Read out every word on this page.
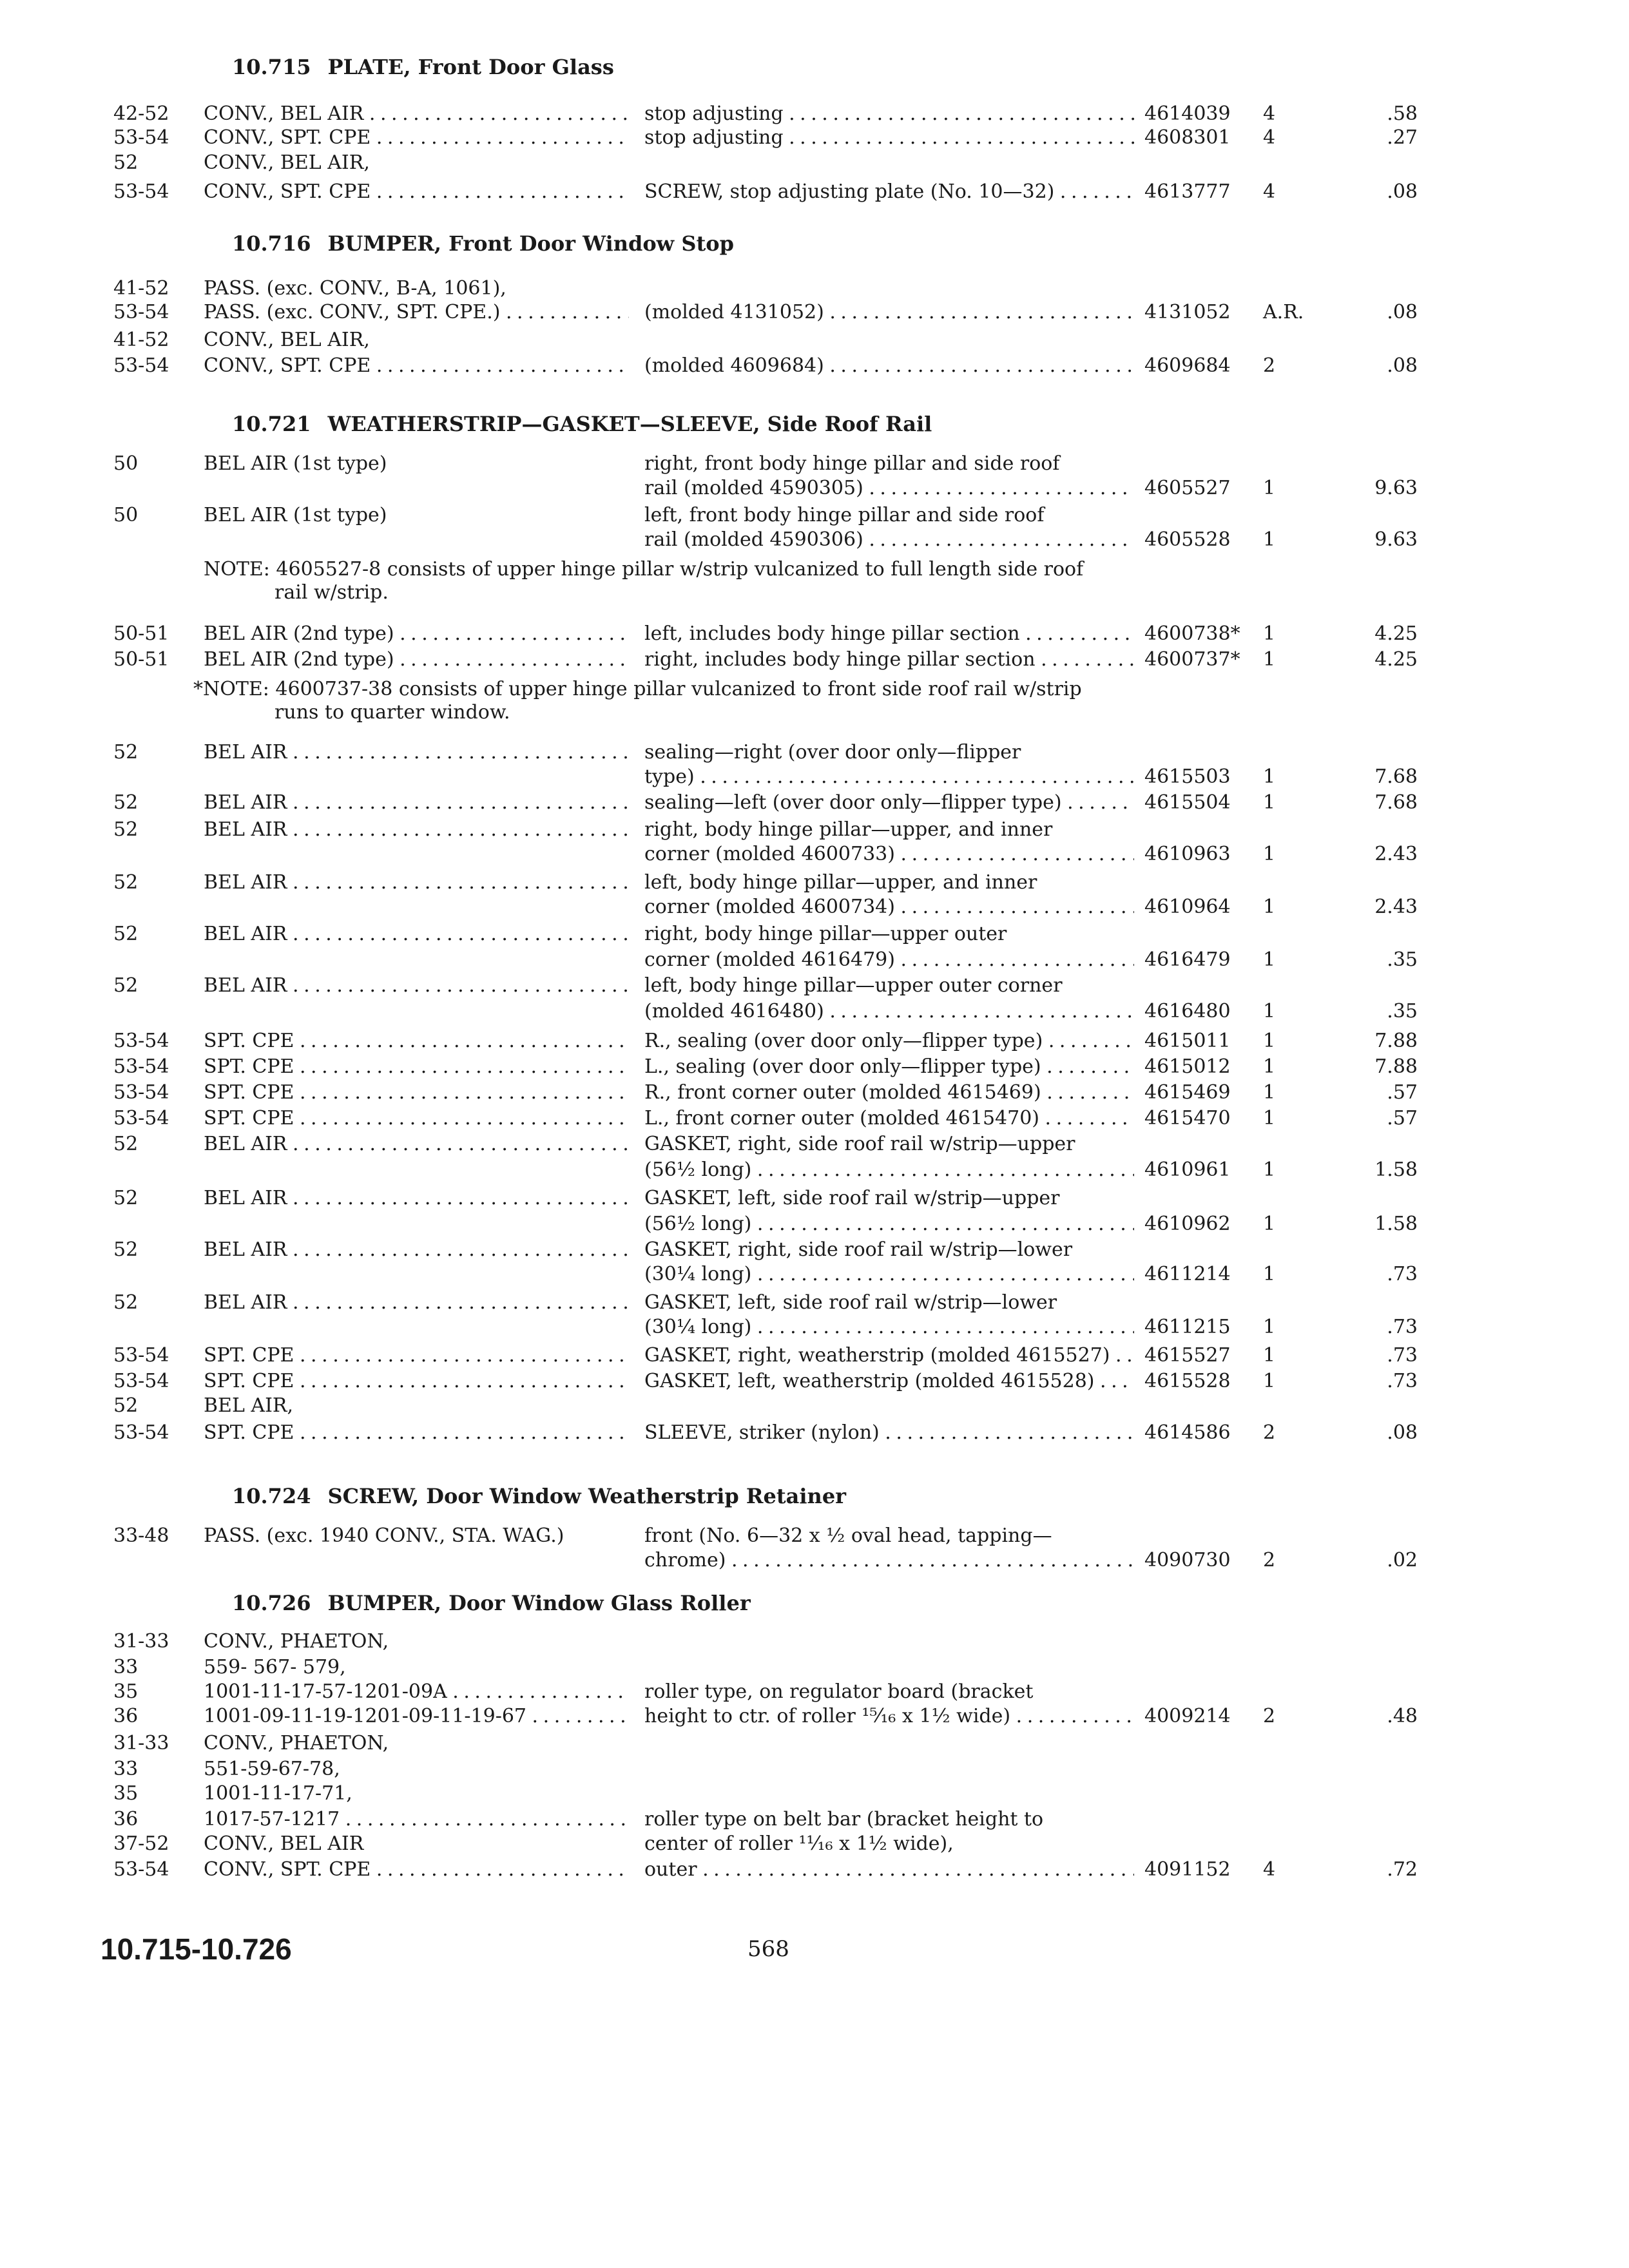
10.715-10.726	568
10.715 PLATE, Front Door Glass
42-52	CONV., BEL AIR . . .	stop adjusting . . .	4614039	4	.58
53-54	CONV., SPT. CPE . . .	stop adjusting . . .	4608301	4	.27
52	CONV., BEL AIR,
53-54	CONV., SPT. CPE . . .	SCREW, stop adjusting plate (No. 10—32) . . .	4613777	4	.08
10.716 BUMPER, Front Door Window Stop
41-52	PASS. (exc. CONV., B-A, 1061),
53-54	PASS. (exc. CONV., SPT. CPE.) . . .	(molded 4131052) . . .	4131052	A.R.	.08
41-52	CONV., BEL AIR,
53-54	CONV., SPT. CPE . . .	(molded 4609684) . . .	4609684	2	.08
10.721 WEATHERSTRIP—GASKET—SLEEVE, Side Roof Rail
50	BEL AIR (1st type)	right, front body hinge pillar and side roof
rail (molded 4590305) . . .	4605527	1	9.63
50	BEL AIR (1st type)	left, front body hinge pillar and side roof
rail (molded 4590306) . . .	4605528	1	9.63
NOTE: 4605527-8 consists of upper hinge pillar w/strip vulcanized to full length side roof
rail w/strip.
50-51	BEL AIR (2nd type) . . .	left, includes body hinge pillar section . . .	4600738*	1	4.25
50-51	BEL AIR (2nd type) . . .	right, includes body hinge pillar section . . .	4600737*	1	4.25
*NOTE: 4600737-38 consists of upper hinge pillar vulcanized to front side roof rail w/strip
runs to quarter window.
52	BEL AIR . . .	sealing—right (over door only—flipper
type) . . .	4615503	1	7.68
52	BEL AIR . . .	sealing—left (over door only—flipper type) . . .	4615504	1	7.68
52	BEL AIR . . .	right, body hinge pillar—upper, and inner
corner (molded 4600733) . . .	4610963	1	2.43
52	BEL AIR . . .	left, body hinge pillar—upper, and inner
corner (molded 4600734) . . .	4610964	1	2.43
52	BEL AIR . . .	right, body hinge pillar—upper outer
corner (molded 4616479) . . .	4616479	1	.35
52	BEL AIR . . .	left, body hinge pillar—upper outer corner
(molded 4616480) . . .	4616480	1	.35
53-54	SPT. CPE . . .	R., sealing (over door only—flipper type) . . .	4615011	1	7.88
53-54	SPT. CPE . . .	L., sealing (over door only—flipper type) . . .	4615012	1	7.88
53-54	SPT. CPE . . .	R., front corner outer (molded 4615469) . . .	4615469	1	.57
53-54	SPT. CPE . . .	L., front corner outer (molded 4615470) . . .	4615470	1	.57
52	BEL AIR . . .	GASKET, right, side roof rail w/strip—upper
(56½ long) . . .	4610961	1	1.58
52	BEL AIR . . .	GASKET, left, side roof rail w/strip—upper
(56½ long) . . .	4610962	1	1.58
52	BEL AIR . . .	GASKET, right, side roof rail w/strip—lower
(30¼ long) . . .	4611214	1	.73
52	BEL AIR . . .	GASKET, left, side roof rail w/strip—lower
(30¼ long) . . .	4611215	1	.73
53-54	SPT. CPE . . .	GASKET, right, weatherstrip (molded 4615527) . . .	4615527	1	.73
53-54	SPT. CPE . . .	GASKET, left, weatherstrip (molded 4615528) . . .	4615528	1	.73
52	BEL AIR,
53-54	SPT. CPE . . .	SLEEVE, striker (nylon) . . .	4614586	2	.08
10.724 SCREW, Door Window Weatherstrip Retainer
33-48	PASS. (exc. 1940 CONV., STA. WAG.)	front (No. 6—32 x ½ oval head, tapping—
chrome) . . .	4090730	2	.02
10.726 BUMPER, Door Window Glass Roller
31-33	CONV., PHAETON,
33	559- 567- 579,
35	1001-11-17-57-1201-09A . . .	roller type, on regulator board (bracket
36	1001-09-11-19-1201-09-11-19-67 . . .	height to ctr. of roller ¹⁵⁄₁₆ x 1½ wide) . . .	4009214	2	.48
31-33	CONV., PHAETON,
33	551-59-67-78,
35	1001-11-17-71,
36	1017-57-1217 . . .	roller type on belt bar (bracket height to
37-52	CONV., BEL AIR	center of roller ¹¹⁄₁₆ x 1½ wide),
53-54	CONV., SPT. CPE . . .	outer . . .	4091152	4	.72
